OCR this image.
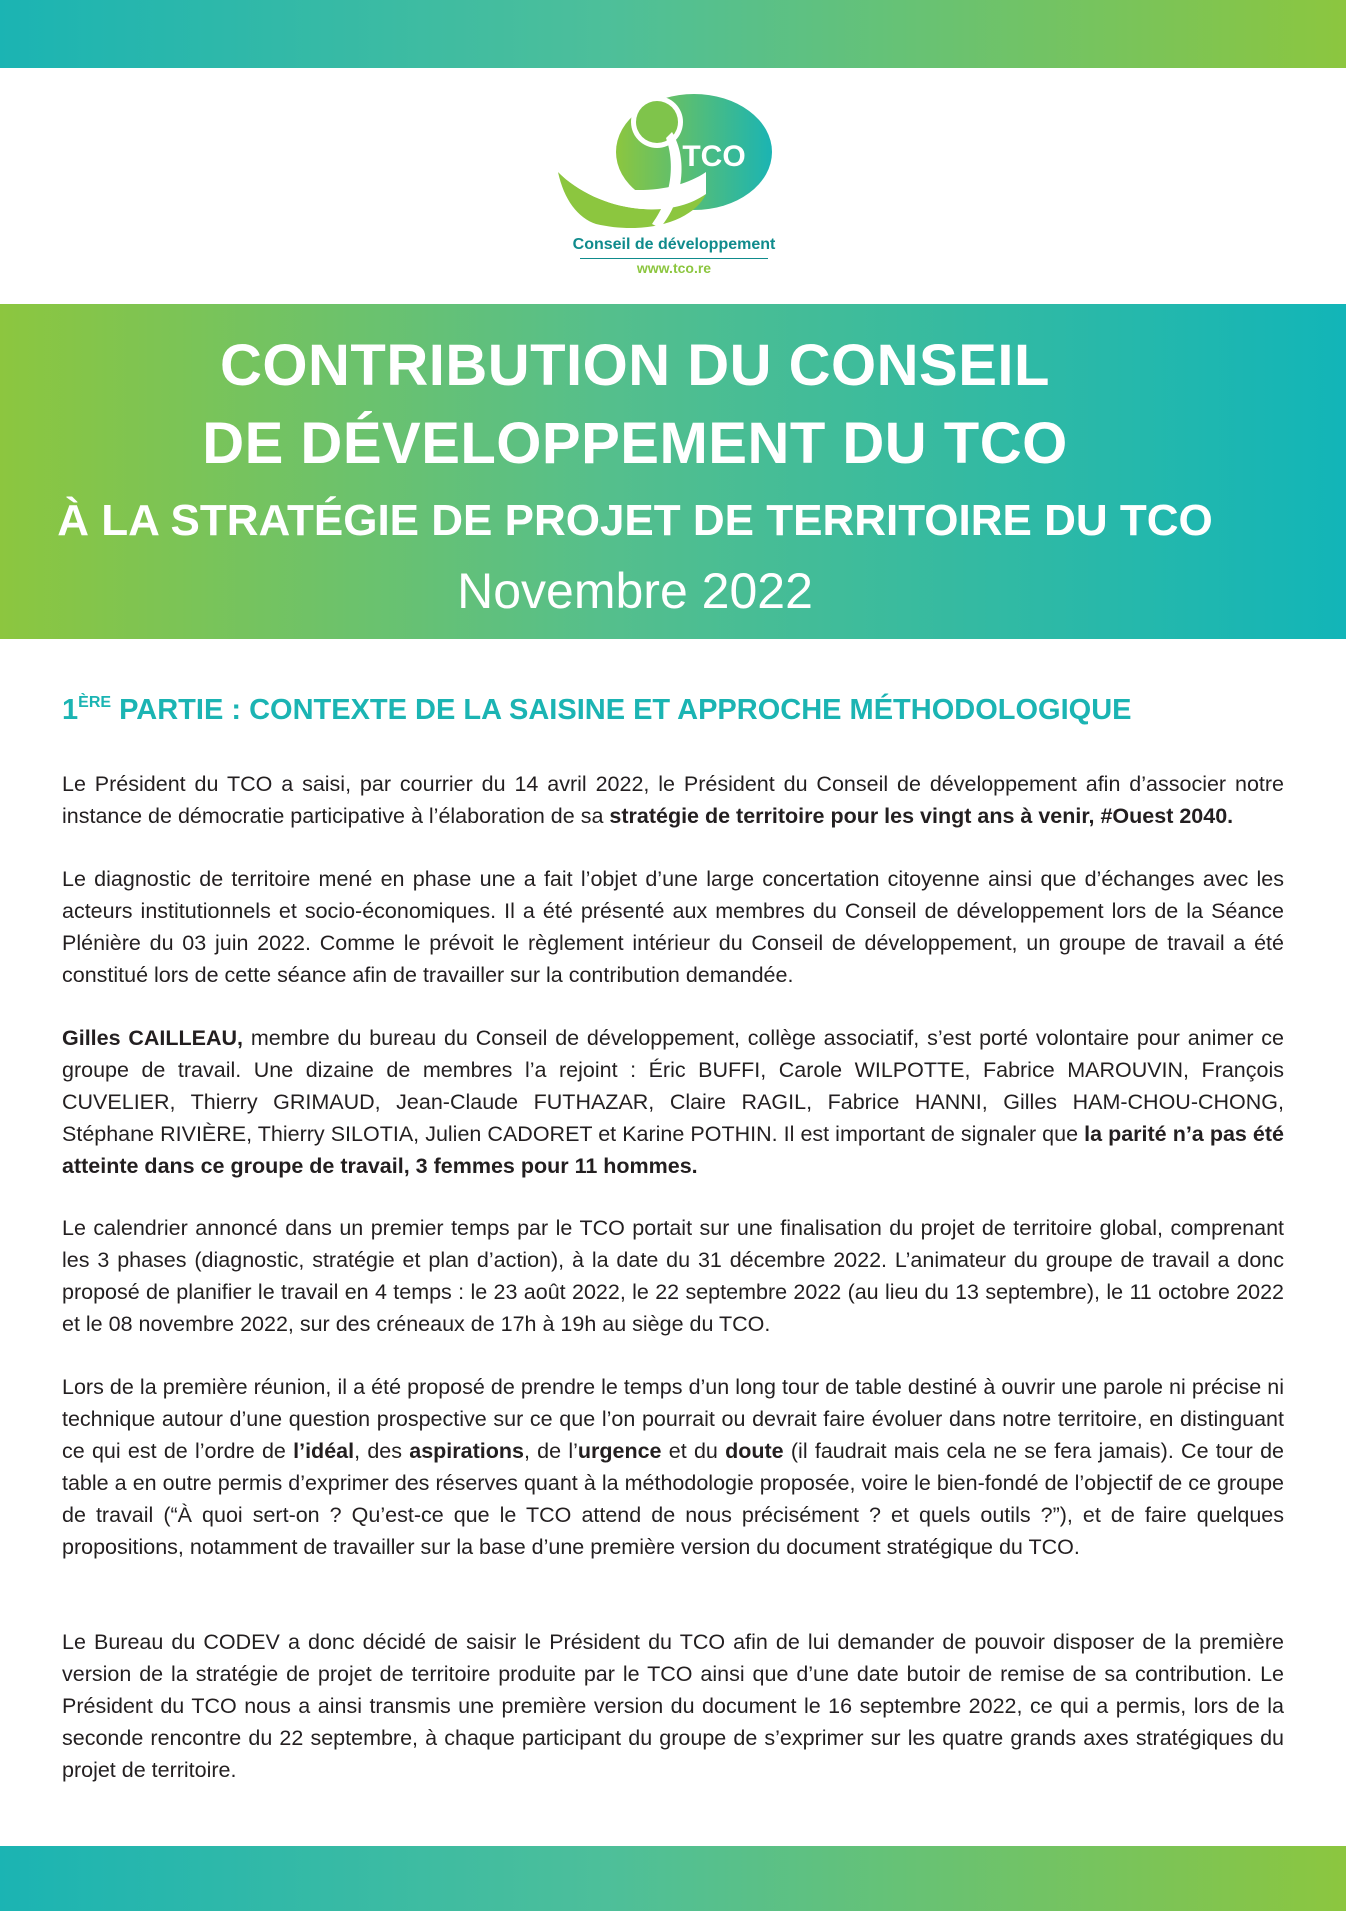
TCO
Conseil de développement
www.tco.re
CONTRIBUTION DU CONSEIL
DE DÉVELOPPEMENT DU TCO
À LA STRATÉGIE DE PROJET DE TERRITOIRE DU TCO
Novembre 2022
1ÈRE PARTIE : CONTEXTE DE LA SAISINE ET APPROCHE MÉTHODOLOGIQUE
Le Président du TCO a saisi, par courrier du 14 avril 2022, le Président du Conseil de développement afin d’associer notre instance de démocratie participative à l’élaboration de sa stratégie de territoire pour les vingt ans à venir, #Ouest 2040.
Le diagnostic de territoire mené en phase une a fait l’objet d’une large concertation citoyenne ainsi que d’échanges avec les acteurs institutionnels et socio-économiques. Il a été présenté aux membres du Conseil de développement lors de la Séance Plénière du 03 juin 2022. Comme le prévoit le règlement intérieur du Conseil de développement, un groupe de travail a été constitué lors de cette séance afin de travailler sur la contribution demandée.
Gilles CAILLEAU, membre du bureau du Conseil de développement, collège associatif, s’est porté volontaire pour animer ce groupe de travail. Une dizaine de membres l’a rejoint : Éric BUFFI, Carole WILPOTTE, Fabrice MAROUVIN, François CUVELIER, Thierry GRIMAUD, Jean-Claude FUTHAZAR, Claire RAGIL, Fabrice HANNI, Gilles HAM-CHOU-CHONG, Stéphane RIVIÈRE, Thierry SILOTIA, Julien CADORET et Karine POTHIN. Il est important de signaler que la parité n’a pas été atteinte dans ce groupe de travail, 3 femmes pour 11 hommes.
Le calendrier annoncé dans un premier temps par le TCO portait sur une finalisation du projet de territoire global, comprenant les 3 phases (diagnostic, stratégie et plan d’action), à la date du 31 décembre 2022. L’animateur du groupe de travail a donc proposé de planifier le travail en 4 temps : le 23 août 2022, le 22 septembre 2022 (au lieu du 13 septembre), le 11 octobre 2022 et le 08 novembre 2022, sur des créneaux de 17h à 19h au siège du TCO.
Lors de la première réunion, il a été proposé de prendre le temps d’un long tour de table destiné à ouvrir une parole ni précise ni technique autour d’une question prospective sur ce que l’on pourrait ou devrait faire évoluer dans notre territoire, en distinguant ce qui est de l’ordre de l’idéal, des aspirations, de l’urgence et du doute (il faudrait mais cela ne se fera jamais). Ce tour de table a en outre permis d’exprimer des réserves quant à la méthodologie proposée, voire le bien-fondé de l’objectif de ce groupe de travail (“À quoi sert-on ? Qu’est-ce que le TCO attend de nous précisément ? et quels outils ?”), et de faire quelques propositions, notamment de travailler sur la base d’une première version du document stratégique du TCO.
Le Bureau du CODEV a donc décidé de saisir le Président du TCO afin de lui demander de pouvoir disposer de la première version de la stratégie de projet de territoire produite par le TCO ainsi que d’une date butoir de remise de sa contribution. Le Président du TCO nous a ainsi transmis une première version du document le 16 septembre 2022, ce qui a permis, lors de la seconde rencontre du 22 septembre, à chaque participant du groupe de s’exprimer sur les quatre grands axes stratégiques du projet de territoire.
